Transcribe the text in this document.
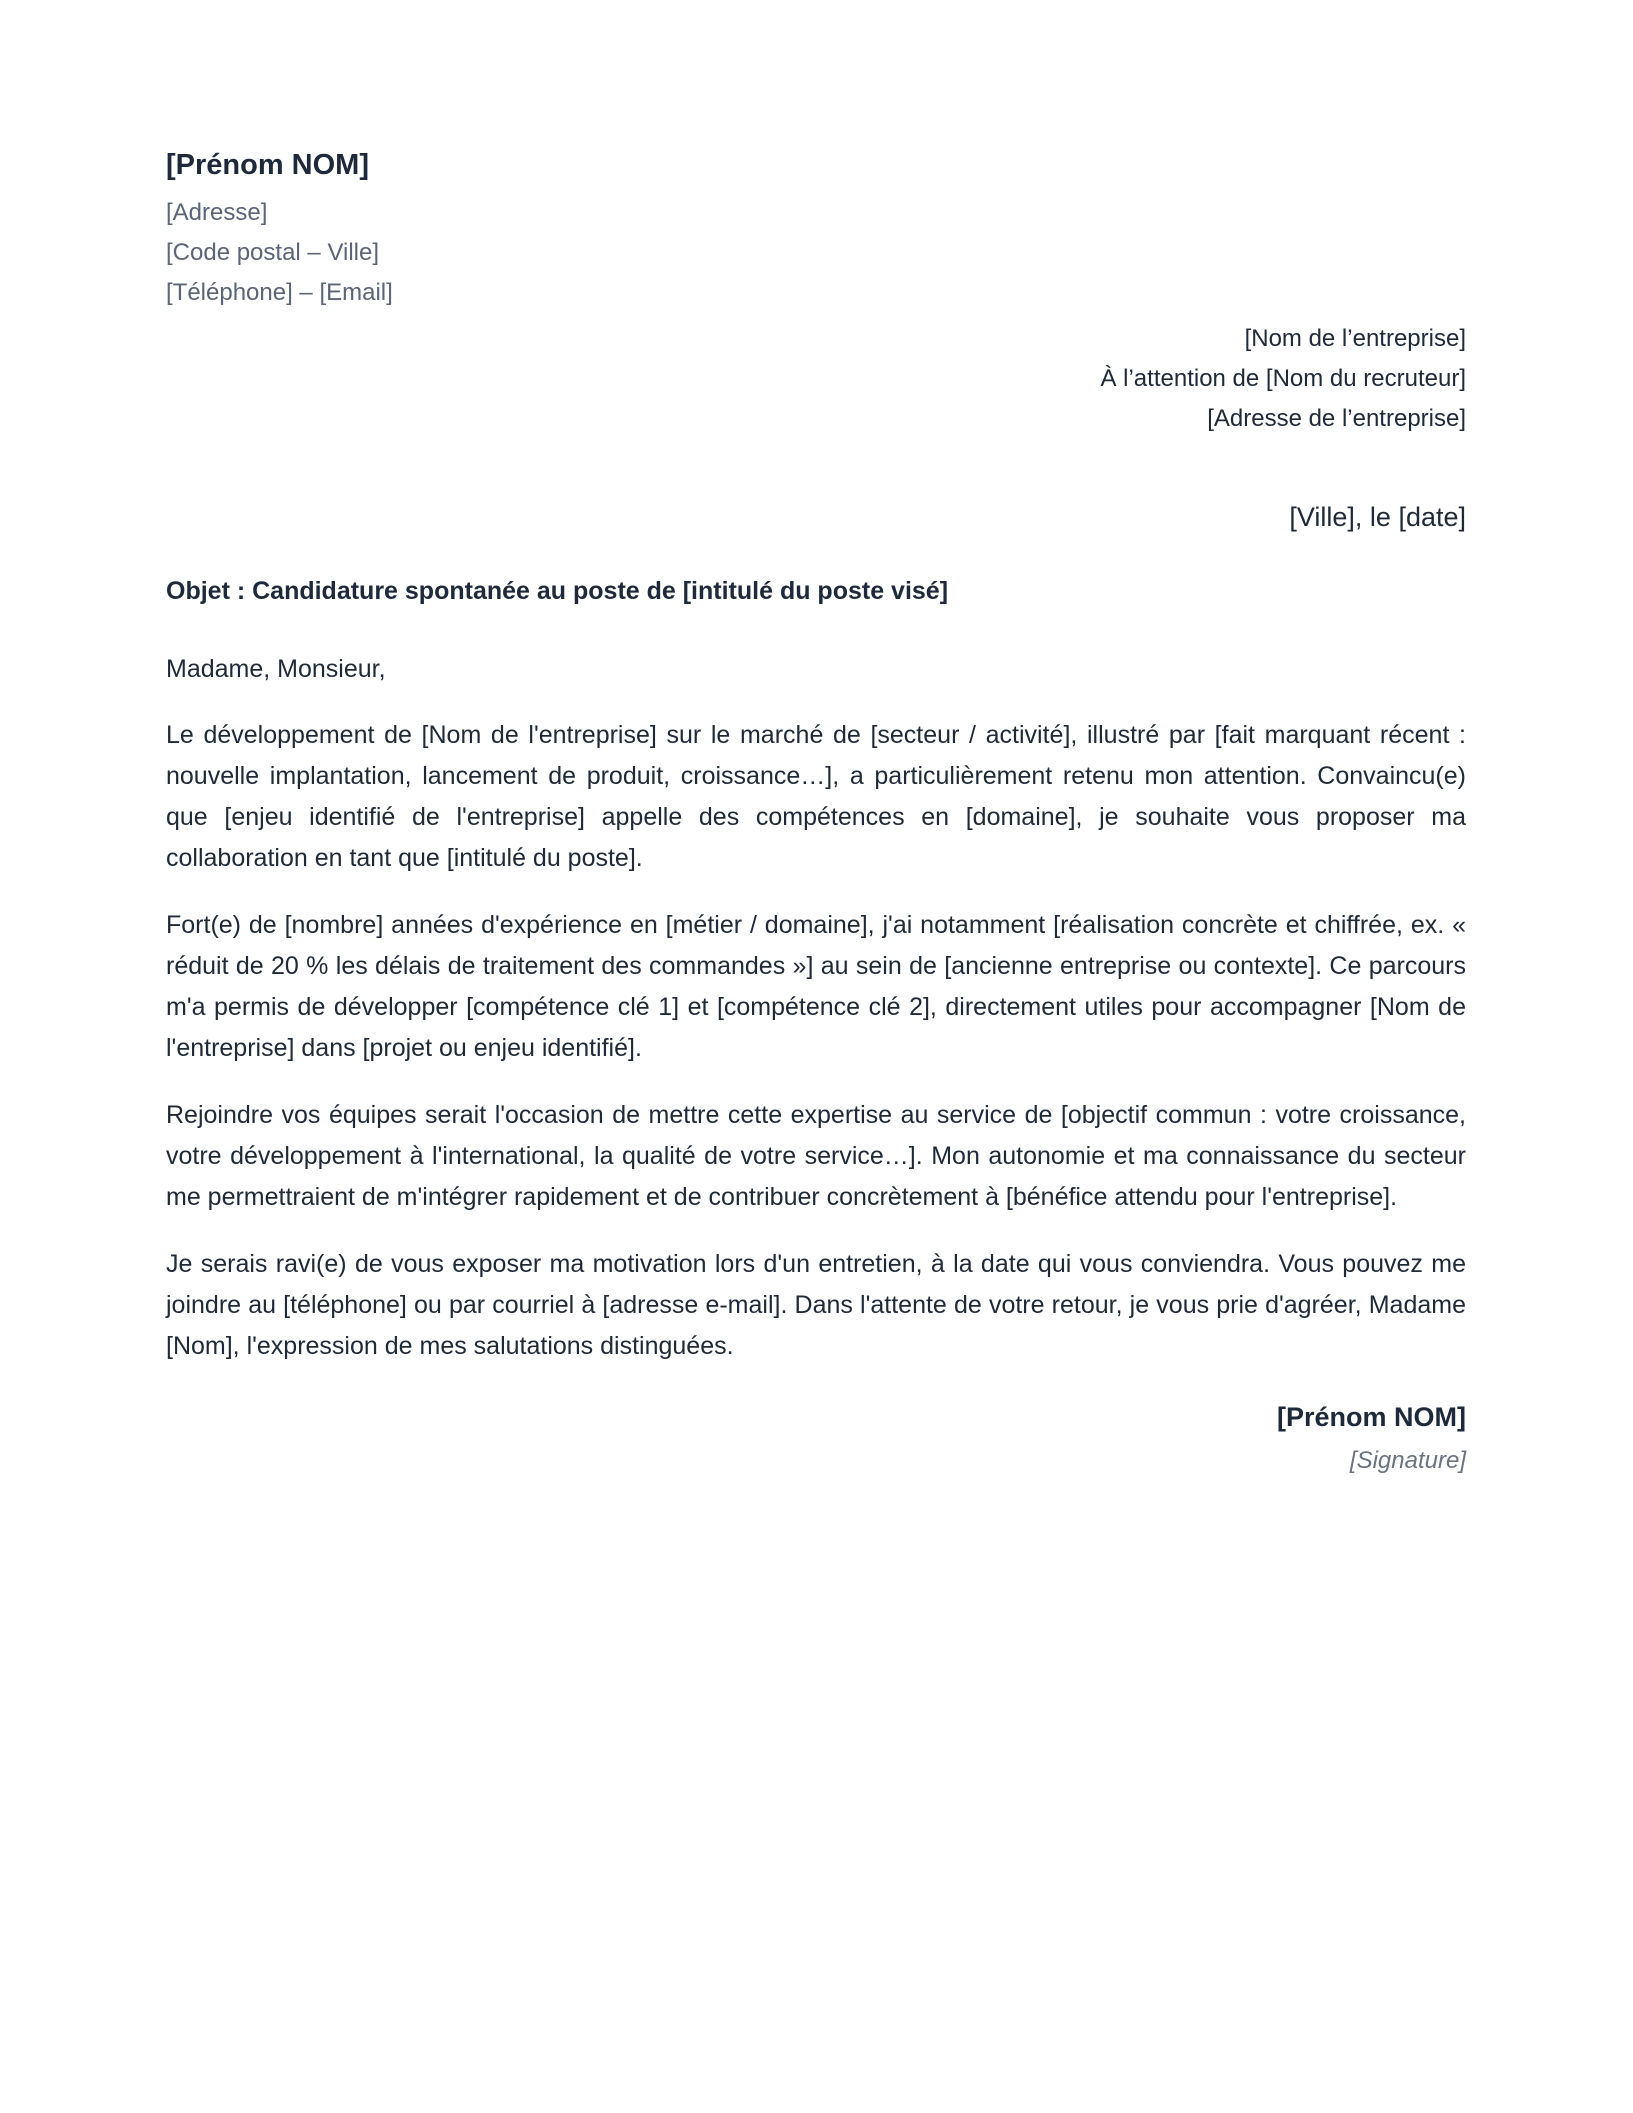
[Prénom NOM]
[Adresse]
[Code postal – Ville]
[Téléphone] – [Email]
[Nom de l’entreprise]
À l’attention de [Nom du recruteur]
[Adresse de l’entreprise]
[Ville], le [date]
Objet : Candidature spontanée au poste de [intitulé du poste visé]
Madame, Monsieur,
Le développement de [Nom de l'entreprise] sur le marché de [secteur / activité], illustré par [fait marquant récent : nouvelle implantation, lancement de produit, croissance…], a particulièrement retenu mon attention. Convaincu(e) que [enjeu identifié de l'entreprise] appelle des compétences en [domaine], je souhaite vous proposer ma collaboration en tant que [intitulé du poste].
Fort(e) de [nombre] années d'expérience en [métier / domaine], j'ai notamment [réalisation concrète et chiffrée, ex. « réduit de 20 % les délais de traitement des commandes »] au sein de [ancienne entreprise ou contexte]. Ce parcours m'a permis de développer [compétence clé 1] et [compétence clé 2], directement utiles pour accompagner [Nom de l'entreprise] dans [projet ou enjeu identifié].
Rejoindre vos équipes serait l'occasion de mettre cette expertise au service de [objectif commun : votre croissance, votre développement à l'international, la qualité de votre service…]. Mon autonomie et ma connaissance du secteur me permettraient de m'intégrer rapidement et de contribuer concrètement à [bénéfice attendu pour l'entreprise].
Je serais ravi(e) de vous exposer ma motivation lors d'un entretien, à la date qui vous conviendra. Vous pouvez me joindre au [téléphone] ou par courriel à [adresse e-mail]. Dans l'attente de votre retour, je vous prie d'agréer, Madame [Nom], l'expression de mes salutations distinguées.
[Prénom NOM]
[Signature]
